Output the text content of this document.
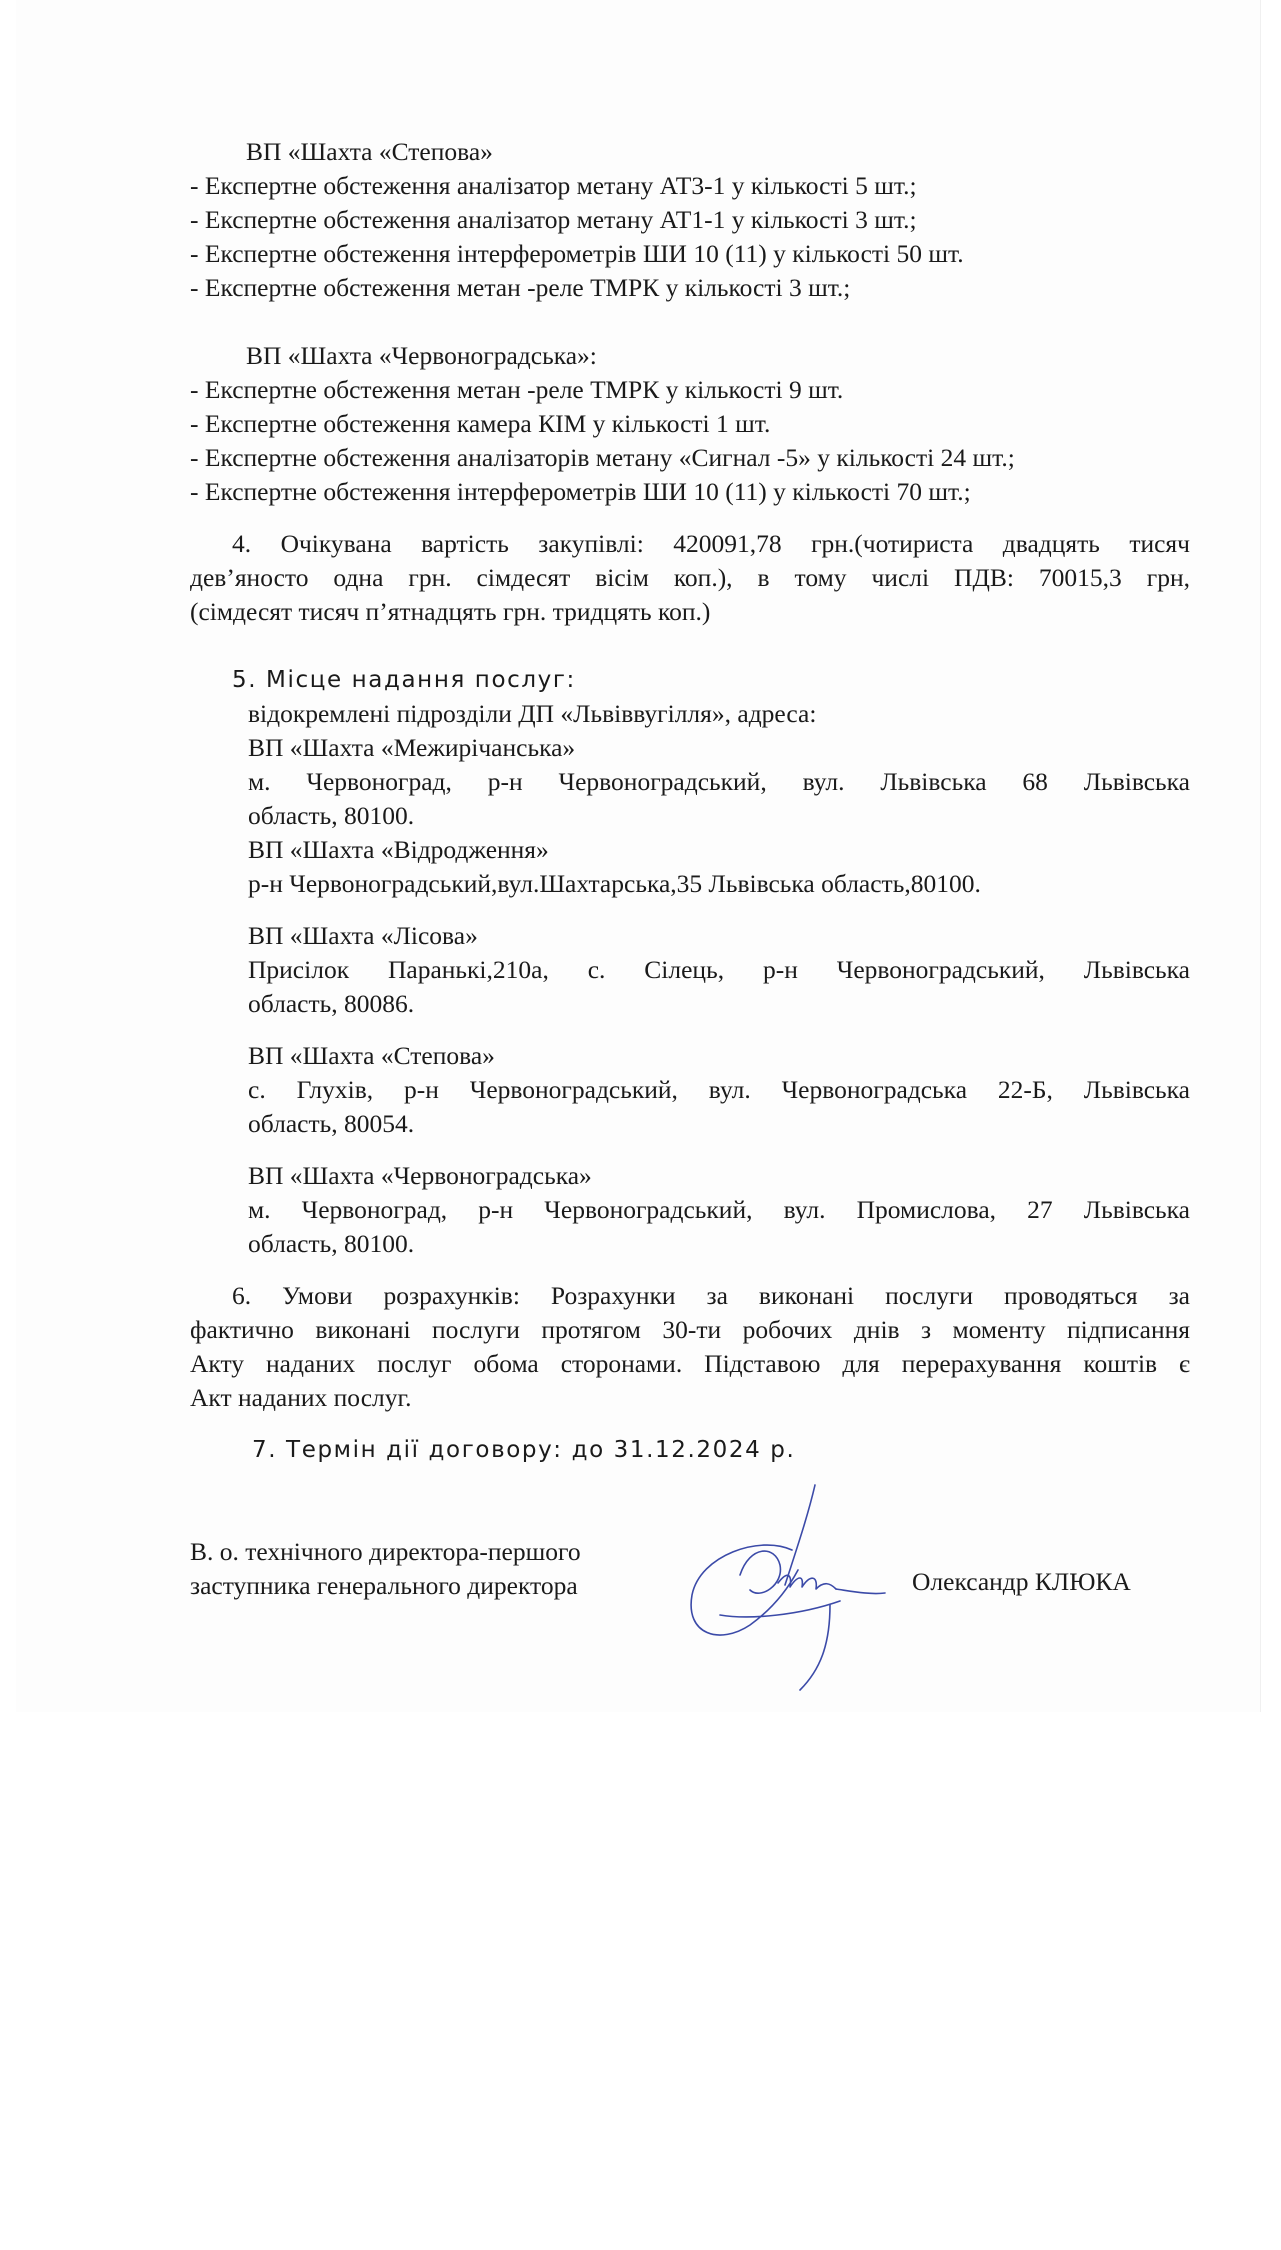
ВП «Шахта «Степова»
- Експертне обстеження аналізатор метану АТ3-1 у кількості 5 шт.;
- Експертне обстеження аналізатор метану АТ1-1 у кількості 3 шт.;
- Експертне обстеження інтерферометрів ШИ 10 (11) у кількості 50 шт.
- Експертне обстеження метан -реле ТМРК у кількості 3 шт.;
ВП «Шахта «Червоноградська»:
- Експертне обстеження метан -реле ТМРК у кількості 9 шт.
- Експертне обстеження камера КІМ у кількості 1 шт.
- Експертне обстеження аналізаторів метану «Сигнал -5» у кількості 24 шт.;
- Експертне обстеження інтерферометрів ШИ 10 (11) у кількості 70 шт.;
4. Очікувана вартість закупівлі: 420091,78 грн.(чотириста двадцять тисяч
дев’яносто одна грн. сімдесят вісім коп.), в тому числі ПДВ: 70015,3 грн,
(сімдесят тисяч п’ятнадцять грн. тридцять коп.)
5. Місце надання послуг:
відокремлені підрозділи ДП «Львіввугілля», адреса:
ВП «Шахта «Межирічанська»
м. Червоноград, р-н Червоноградський, вул. Львівська 68 Львівська
область, 80100.
ВП «Шахта «Відродження»
р-н Червоноградський,вул.Шахтарська,35 Львівська область,80100.
ВП «Шахта «Лісова»
Присілок Паранькi,210а, с. Сілець, р-н Червоноградський, Львівська
область, 80086.
ВП «Шахта «Степова»
с. Глухів, р-н Червоноградський, вул. Червоноградська 22-Б, Львівська
область, 80054.
ВП «Шахта «Червоноградська»
м. Червоноград, р-н Червоноградський, вул. Промислова, 27 Львівська
область, 80100.
6. Умови розрахунків: Розрахунки за виконані послуги проводяться за
фактично виконані послуги протягом 30-ти робочих днів з моменту підписання
Акту наданих послуг обома сторонами. Підставою для перерахування коштів є
Акт наданих послуг.
7. Термін дії договору: до 31.12.2024 р.
В. о. технічного директора-першого
заступника генерального директора	Олександр КЛЮКА
